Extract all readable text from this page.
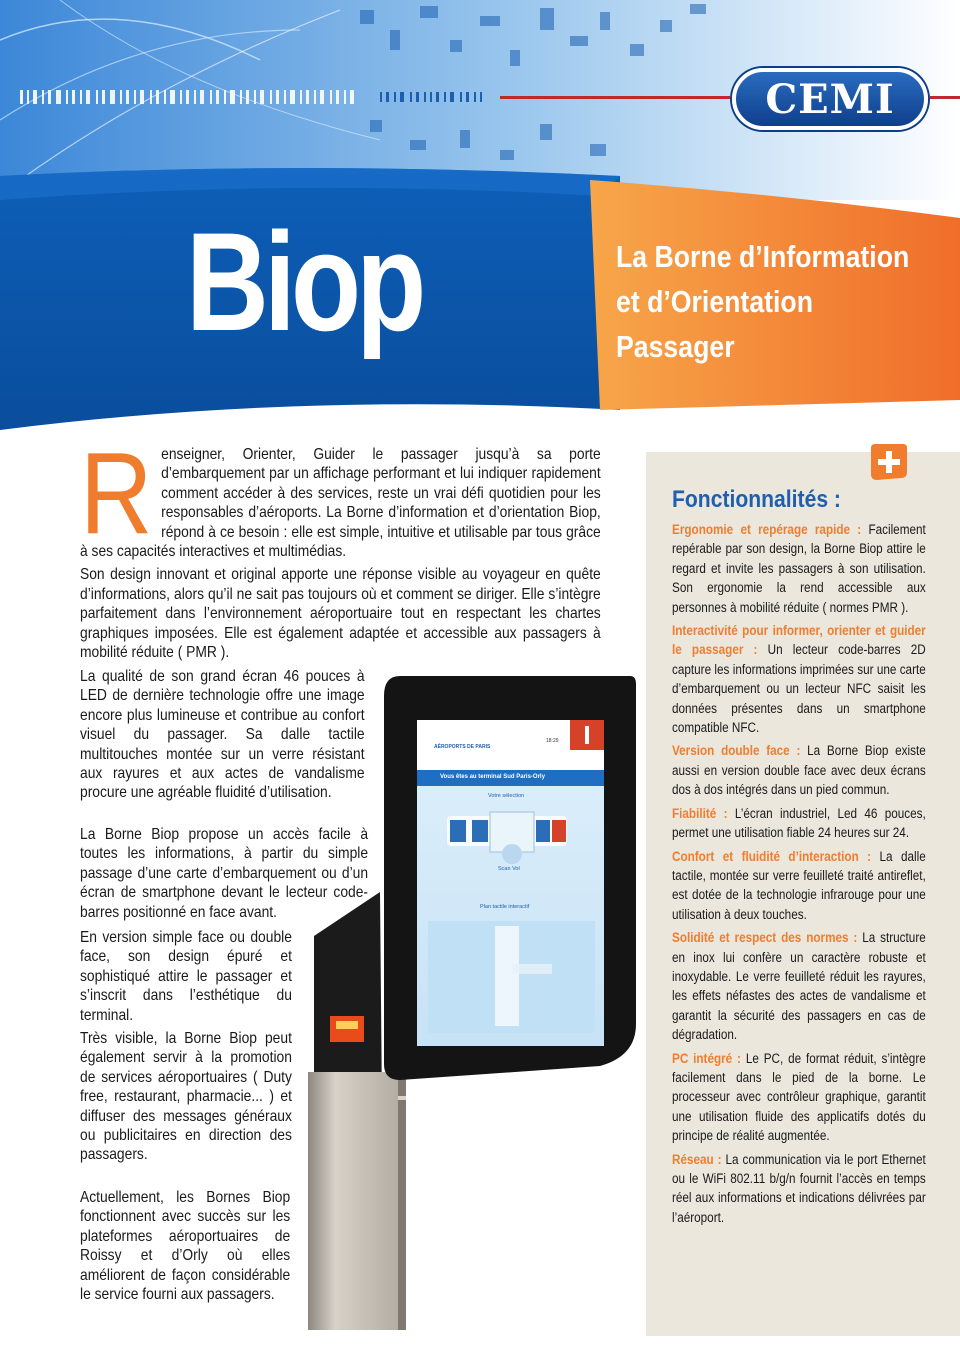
CEMI
Biop	La Borne d’Information
et d’Orientation
Passager
R enseigner, Orienter, Guider le passager jusqu’à sa porte d’embarquement par un affichage performant et lui indiquer rapidement comment accéder à des services, reste un vrai défi quotidien pour les responsables d’aéroports. La Borne d’information et d’orientation Biop, répond à ce besoin : elle est simple, intuitive et utilisable par tous grâce à ses capacités interactives et multimédias.
Son design innovant et original apporte une réponse visible au voyageur en quête d’informations, alors qu’il ne sait pas toujours où et comment se diriger. Elle s’intègre parfaitement dans l’environnement aéroportuaire tout en respectant les chartes graphiques imposées. Elle est également adaptée et accessible aux passagers à mobilité réduite ( PMR ).
La qualité de son grand écran 46 pouces à LED de dernière technologie offre une image encore plus lumineuse et contribue au confort visuel du passager. Sa dalle tactile multitouches montée sur un verre résistant aux rayures et aux actes de vandalisme procure une agréable fluidité d’utilisation.
La Borne Biop propose un accès facile à toutes les informations, à partir du simple passage d’une carte d’embarquement ou d’un écran de smartphone devant le lecteur code- barres positionné en face avant.
En version simple face ou double face, son design épuré et sophistiqué attire le passager et s’inscrit dans l’esthétique du terminal.
Très visible, la Borne Biop peut également servir à la promotion de services aéroportuaires ( Duty free, restaurant, pharmacie... ) et diffuser des messages généraux ou publicitaires en direction des passagers.
Actuellement, les Bornes Biop fonctionnent avec succès sur les plateformes aéroportuaires de Roissy et d’Orly où elles améliorent de façon considérable le service fourni aux passagers.
AÉROPORTS DE PARIS
18:29
Vous êtes au terminal Sud Paris-Orly
Votre sélection
Scan Vol
Plan tactile interactif
Fonctionnalités :
Ergonomie et repérage rapide : Facilement repérable par son design, la Borne Biop attire le regard et invite les passagers à son utilisation. Son ergonomie la rend accessible aux personnes à mobilité réduite ( normes PMR ).
Interactivité pour informer, orienter et guider le passager : Un lecteur code-barres 2D capture les informations imprimées sur une carte d’embarquement ou un lecteur NFC saisit les données présentes dans un smartphone compatible NFC.
Version double face : La Borne Biop existe aussi en version double face avec deux écrans dos à dos intégrés dans un pied commun.
Fiabilité : L’écran industriel, Led 46 pouces, permet une utilisation fiable 24 heures sur 24.
Confort et fluidité d’interaction : La dalle tactile, montée sur verre feuilleté traité antireflet, est dotée de la technologie infrarouge pour une utilisation à deux touches.
Solidité et respect des normes : La structure en inox lui confère un caractère robuste et inoxydable. Le verre feuilleté réduit les rayures, les effets néfastes des actes de vandalisme et garantit la sécurité des passagers en cas de dégradation.
PC intégré : Le PC, de format réduit, s’intègre facilement dans le pied de la borne. Le processeur avec contrôleur graphique, garantit une utilisation fluide des applicatifs dotés du principe de réalité augmentée.
Réseau : La communication via le port Ethernet ou le WiFi 802.11 b/g/n fournit l’accès en temps réel aux informations et indications délivrées par l’aéroport.
